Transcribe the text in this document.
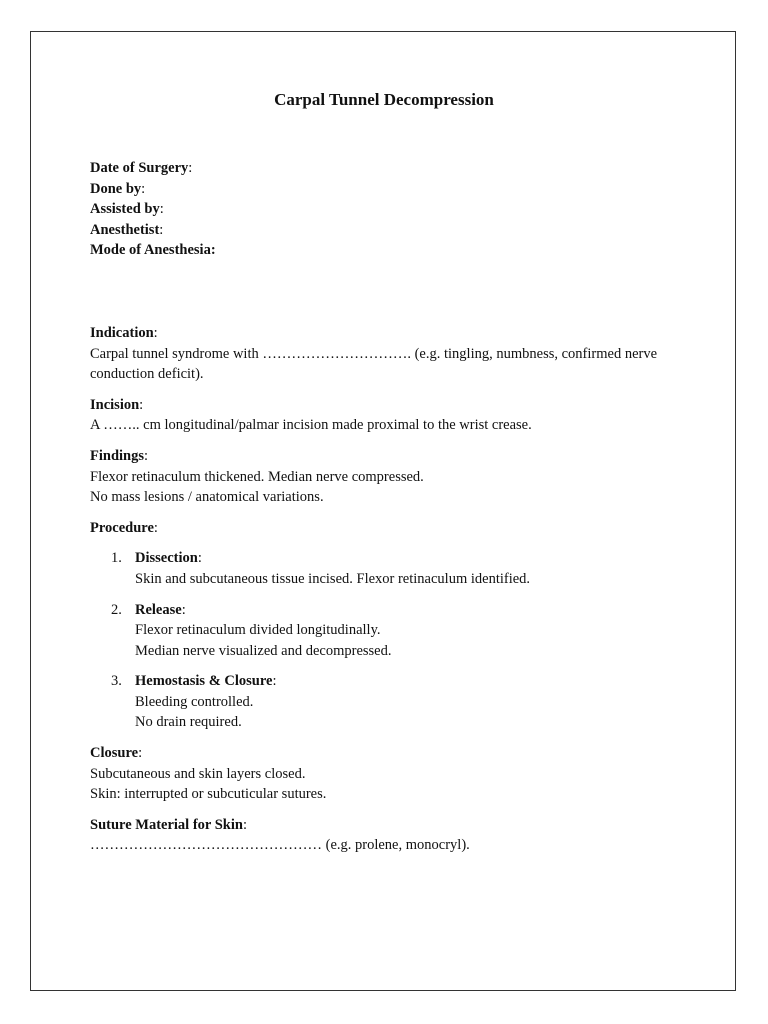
Carpal Tunnel Decompression
Date of Surgery:
Done by:
Assisted by:
Anesthetist:
Mode of Anesthesia:
Indication:
Carpal tunnel syndrome with …………………………. (e.g. tingling, numbness, confirmed nerve conduction deficit).
Incision:
A …….. cm longitudinal/palmar incision made proximal to the wrist crease.
Findings:
Flexor retinaculum thickened. Median nerve compressed.
No mass lesions / anatomical variations.
Procedure:
1. Dissection:
Skin and subcutaneous tissue incised. Flexor retinaculum identified.
2. Release:
Flexor retinaculum divided longitudinally.
Median nerve visualized and decompressed.
3. Hemostasis & Closure:
Bleeding controlled.
No drain required.
Closure:
Subcutaneous and skin layers closed.
Skin: interrupted or subcuticular sutures.
Suture Material for Skin:
………………………………………… (e.g. prolene, monocryl).
